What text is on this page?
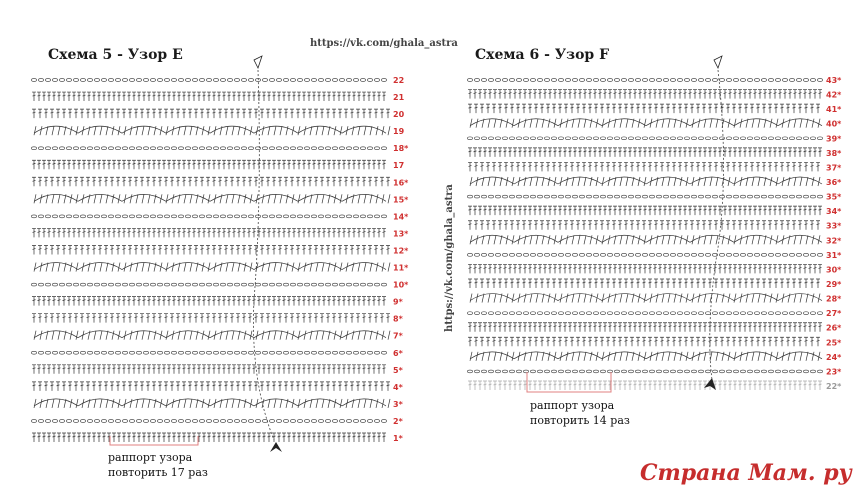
Схема 5 - Узор Е	Схема 6 - Узор F
https://vk.com/ghala_astra
https://vk.com/ghala_astra
1*
2*
3*
4*
5*
6*
7*
8*
9*
10*
11*
12*
13*
14*
15*
16*
17
18*
19
20
21
22
22*
23*
24*
25*
26*
27*
28*
29*
30*
31*
32*
33*
34*
35*
36*
37*
38*
39*
40*
41*
42*
43*
раппорт узора
повторить 17 раз
раппорт узора
повторить 14 раз
Страна Мам. ру
